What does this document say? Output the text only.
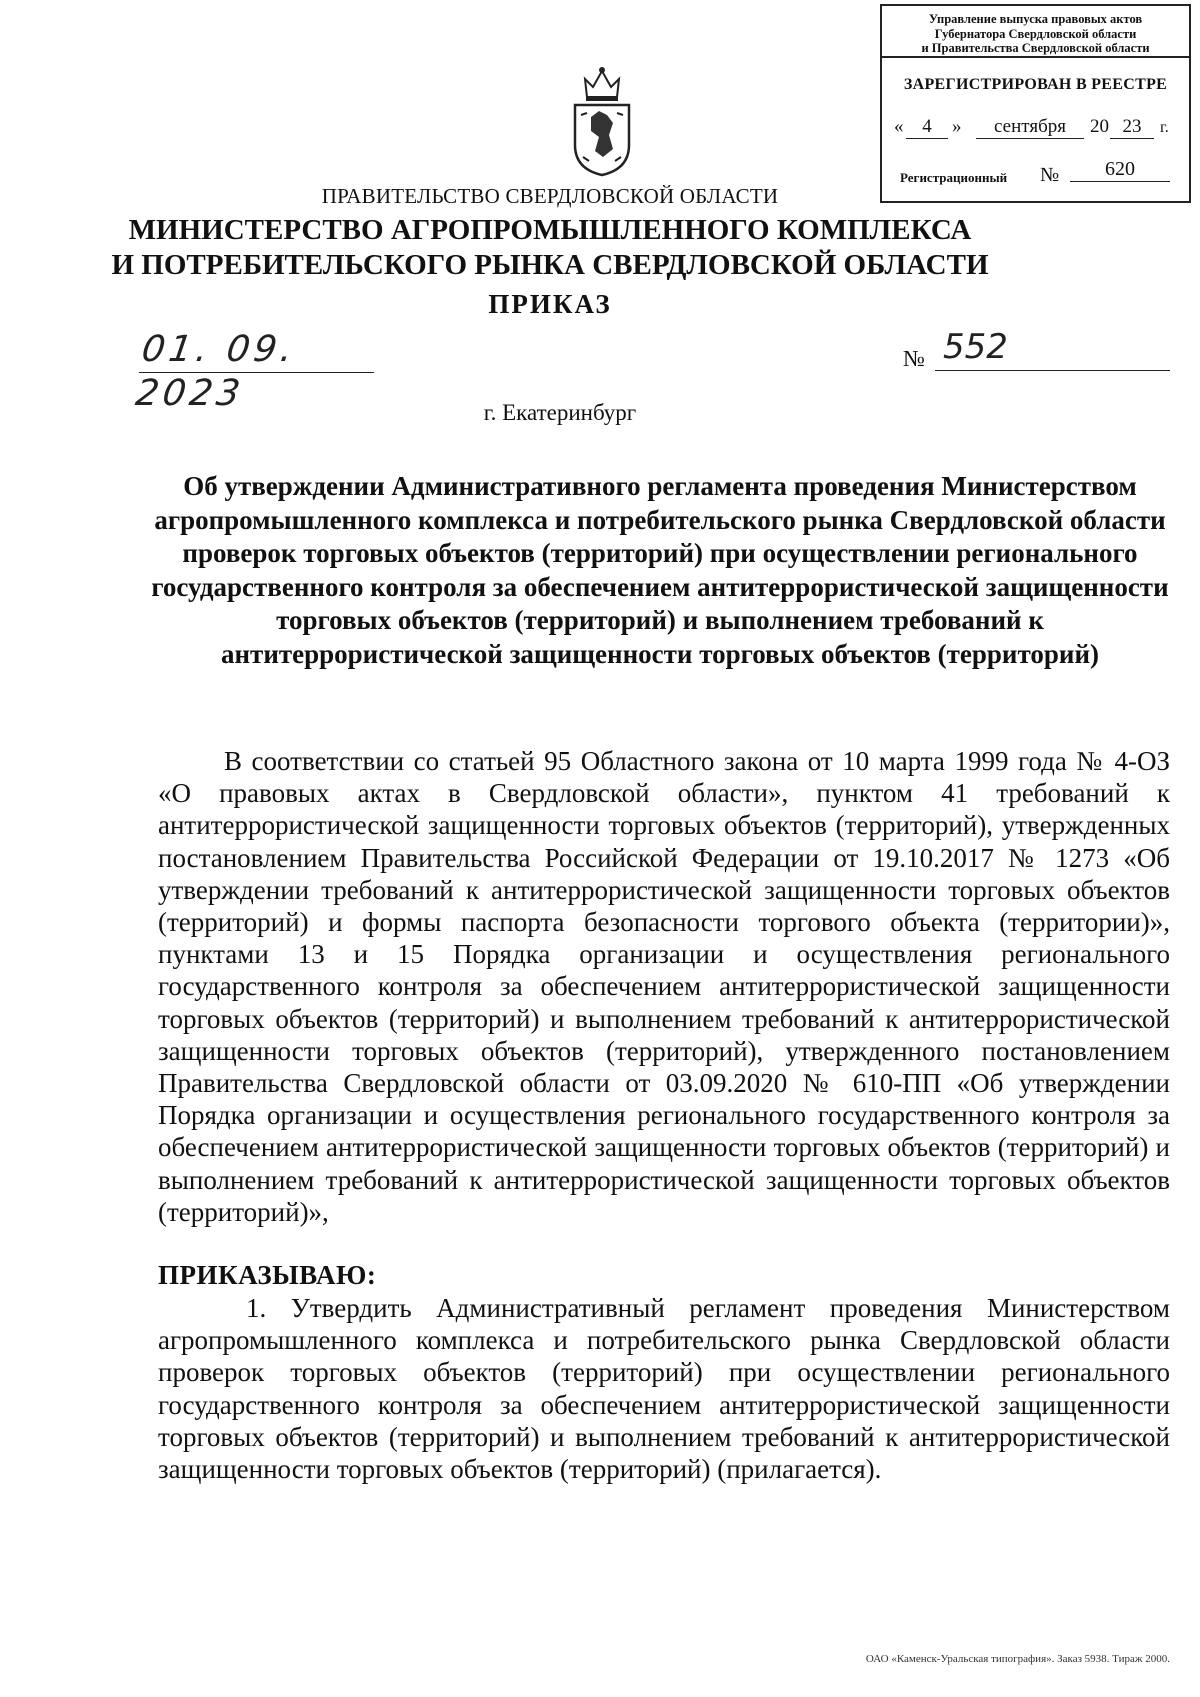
Управление выпуска правовых актов
Губернатора Свердловской области
и Правительства Свердловской области
ЗАРЕГИСТРИРОВАН В РЕЕСТРЕ
« 4	»	сентября	20 23	г.
Регистрационный №	620
ПРАВИТЕЛЬСТВО СВЕРДЛОВСКОЙ ОБЛАСТИ
МИНИСТЕРСТВО АГРОПРОМЫШЛЕННОГО КОМПЛЕКСА
И ПОТРЕБИТЕЛЬСКОГО РЫНКА СВЕРДЛОВСКОЙ ОБЛАСТИ
ПРИКАЗ
01. 09. 2023
№ 552
г. Екатеринбург
Об утверждении Административного регламента проведения Министерством агропромышленного комплекса и потребительского рынка Свердловской области проверок торговых объектов (территорий) при осуществлении регионального государственного контроля за обеспечением антитеррористической защищенности торговых объектов (территорий) и выполнением требований к антитеррористической защищенности торговых объектов (территорий)
В соответствии со статьей 95 Областного закона от 10 марта 1999 года № 4-ОЗ «О правовых актах в Свердловской области», пунктом 41 требований к антитеррористической защищенности торговых объектов (территорий), утвержденных постановлением Правительства Российской Федерации от 19.10.2017 № 1273 «Об утверждении требований к антитеррористической защищенности торговых объектов (территорий) и формы паспорта безопасности торгового объекта (территории)», пунктами 13 и 15 Порядка организации и осуществления регионального государственного контроля за обеспечением антитеррористической защищенности торговых объектов (территорий) и выполнением требований к антитеррористической защищенности торговых объектов (территорий), утвержденного постановлением Правительства Свердловской области от 03.09.2020 № 610-ПП «Об утверждении Порядка организации и осуществления регионального государственного контроля за обеспечением антитеррористической защищенности торговых объектов (территорий) и выполнением требований к антитеррористической защищенности торговых объектов (территорий)»,
ПРИКАЗЫВАЮ:
1. Утвердить Административный регламент проведения Министерством агропромышленного комплекса и потребительского рынка Свердловской области проверок торговых объектов (территорий) при осуществлении регионального государственного контроля за обеспечением антитеррористической защищенности торговых объектов (территорий) и выполнением требований к антитеррористической защищенности торговых объектов (территорий) (прилагается).
ОАО «Каменск-Уральская типография». Заказ 5938. Тираж 2000.
